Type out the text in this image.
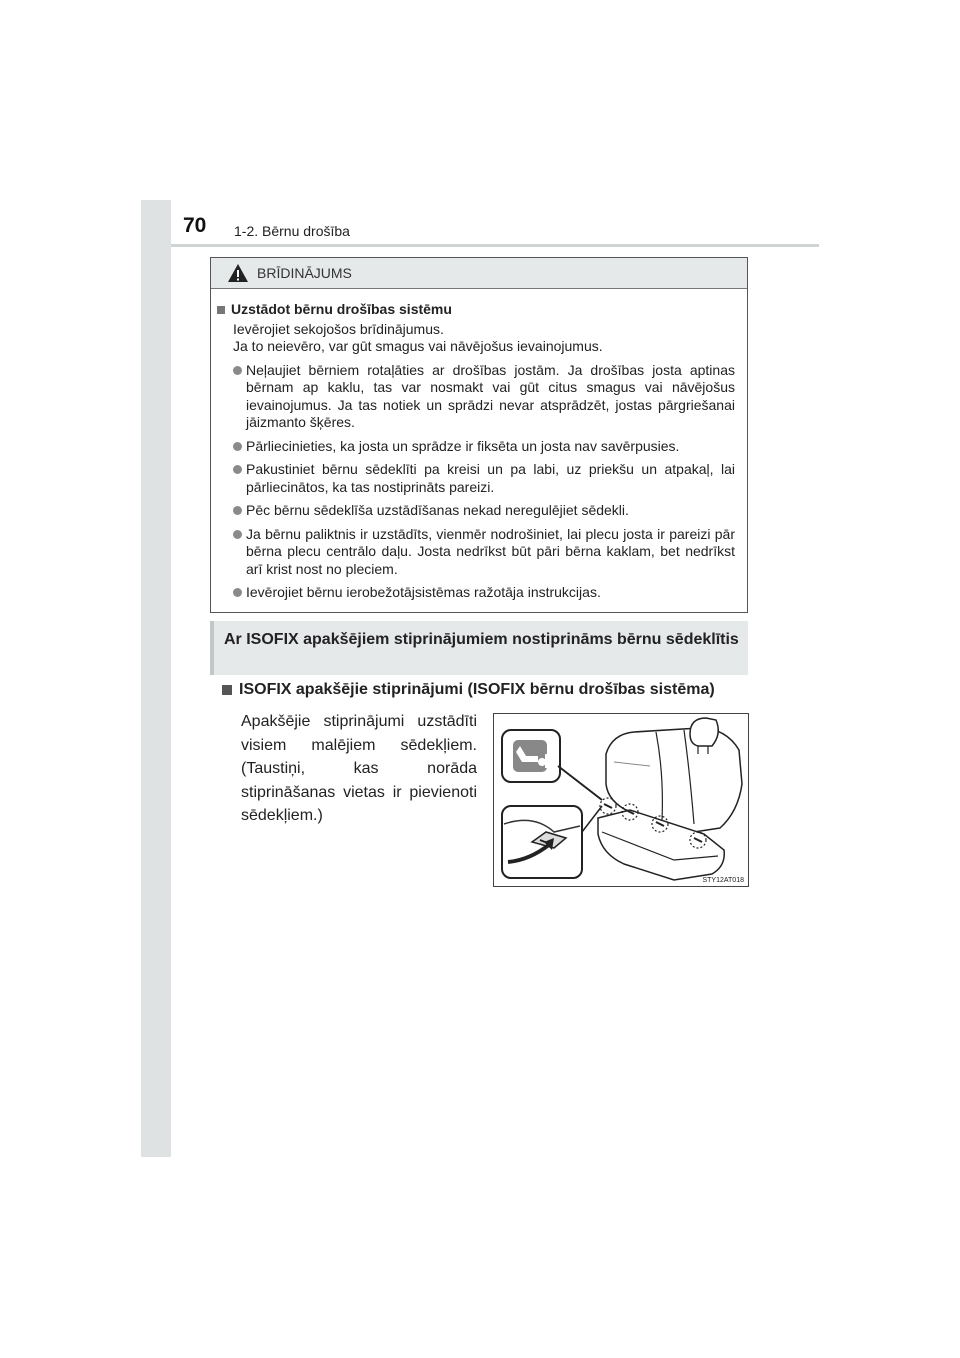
70 1-2. Bērnu drošība
BRĪDINĀJUMS
Uzstādot bērnu drošības sistēmu
Ievērojiet sekojošos brīdinājumus.
Ja to neievēro, var gūt smagus vai nāvējošus ievainojumus.
Neļaujiet bērniem rotaļāties ar drošības jostām. Ja drošības josta aptinas bērnam ap kaklu, tas var nosmakt vai gūt citus smagus vai nāvējošus ievainojumus. Ja tas notiek un sprādzi nevar atsprādzēt, jostas pārgriešanai jāizmanto šķēres.
Pārliecinieties, ka josta un sprādze ir fiksēta un josta nav savērpusies.
Pakustiniet bērnu sēdeklīti pa kreisi un pa labi, uz priekšu un atpakaļ, lai pārliecinātos, ka tas nostiprināts pareizi.
Pēc bērnu sēdeklīša uzstādīšanas nekad neregulējiet sēdekli.
Ja bērnu paliktnis ir uzstādīts, vienmēr nodrošiniet, lai plecu josta ir pareizi pār bērna plecu centrālo daļu. Josta nedrīkst būt pāri bērna kaklam, bet nedrīkst arī krist nost no pleciem.
Ievērojiet bērnu ierobežotājsistēmas ražotāja instrukcijas.
Ar ISOFIX apakšējiem stiprinājumiem nostiprināms bērnu sēdeklītis
ISOFIX apakšējie stiprinājumi (ISOFIX bērnu drošības sistēma)
Apakšējie stiprinājumi uzstādīti visiem malējiem sēdekļiem. (Taustiņi, kas norāda stiprināšanas vietas ir pievienoti sēdekļiem.)
STY12AT018
